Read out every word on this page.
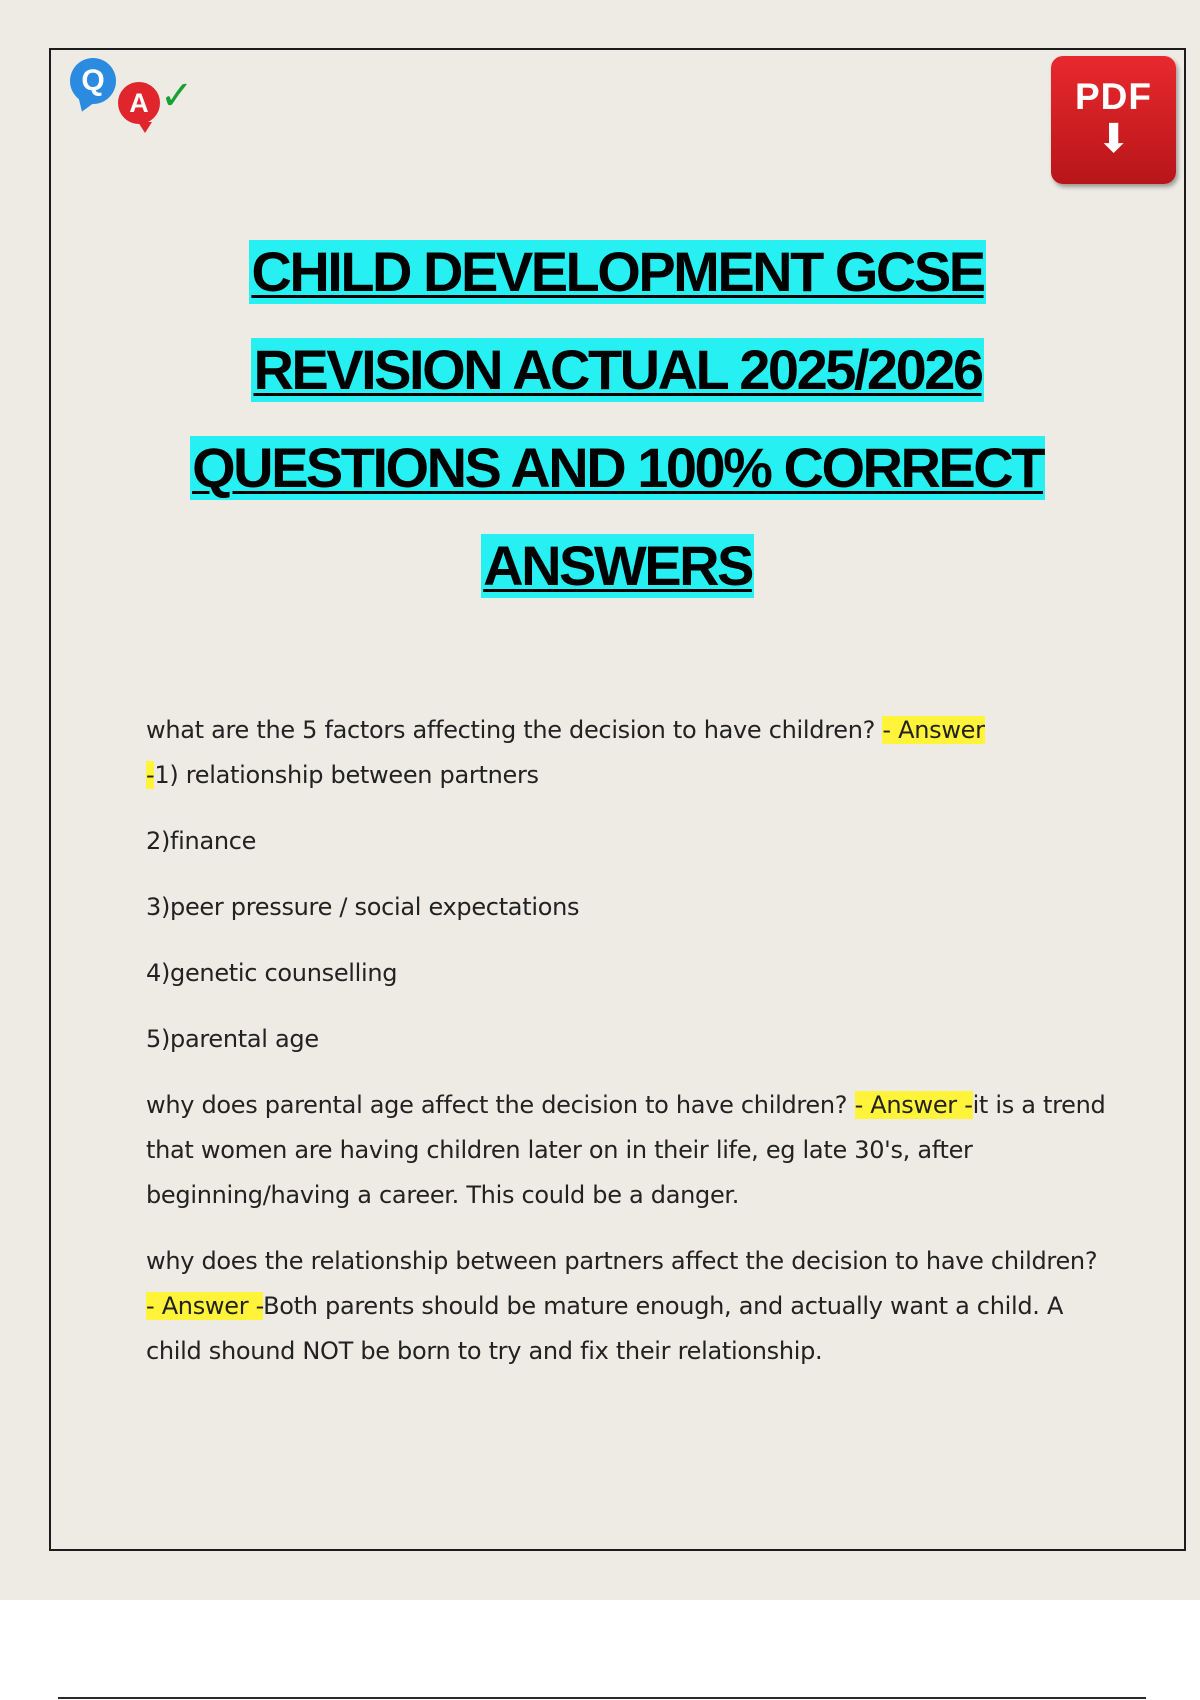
Q
A ✓	PDF
⬇
CHILD DEVELOPMENT GCSE
REVISION ACTUAL 2025/2026
QUESTIONS AND 100% CORRECT
ANSWERS

what are the 5 factors affecting the decision to have children? - Answer
-1) relationship between partners

2)finance

3)peer pressure / social expectations

4)genetic counselling

5)parental age

why does parental age affect the decision to have children? - Answer -it is a trend that women are having children later on in their life, eg late 30's, after beginning/having a career. This could be a danger.

why does the relationship between partners affect the decision to have children? - Answer -Both parents should be mature enough, and actually want a child. A child shound NOT be born to try and fix their relationship.
